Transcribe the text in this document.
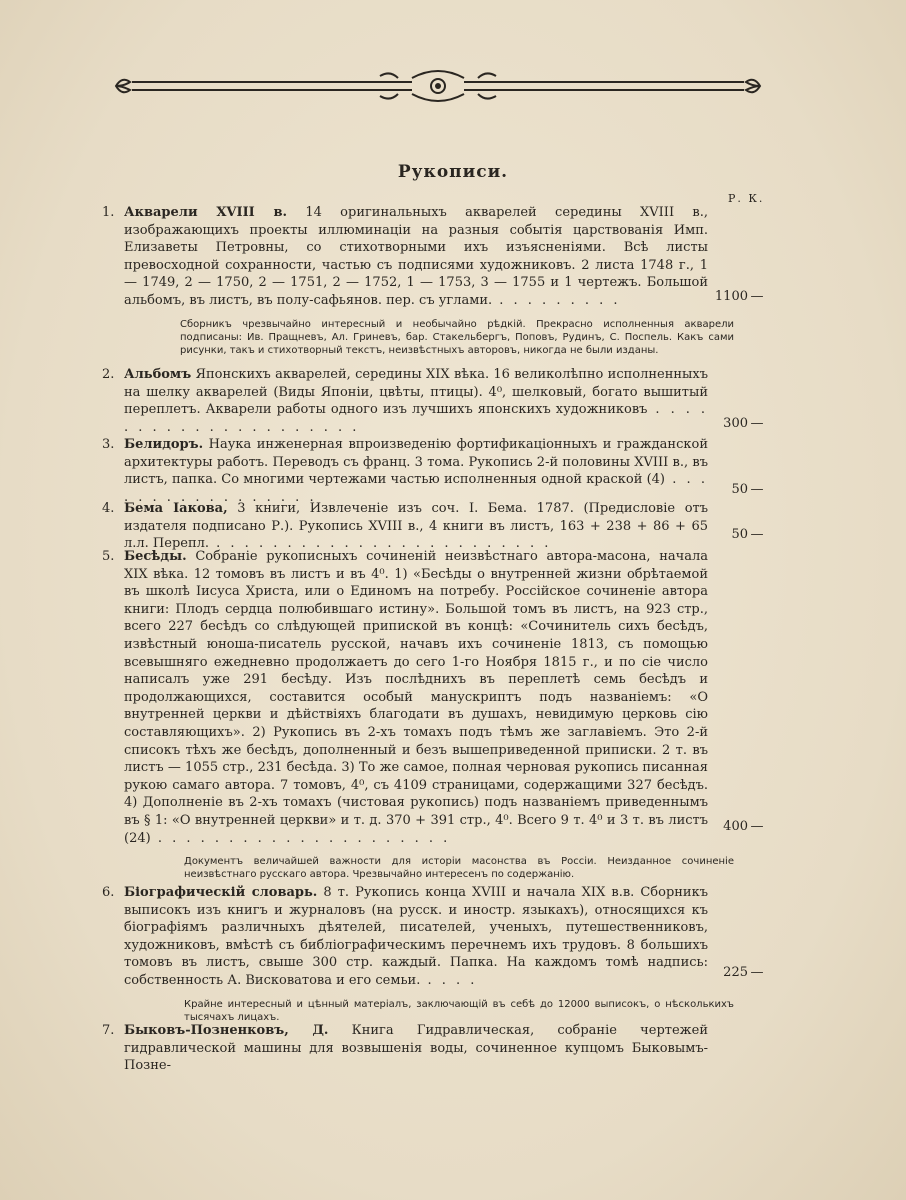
Рукописи.
Р. К.
1. Акварели XVIII в. 14 оригинальныхъ акварелей середины XVIII в., изображающихъ проекты иллюминаціи на разныя событія царствованія Имп. Елизаветы Петровны, со стихотворными ихъ изъясненіями. Всѣ листы превосходной сохранности, частью съ подписями художниковъ. 2 листа 1748 г., 1 — 1749, 2 — 1750, 2 — 1751, 2 — 1752, 1 — 1753, 3 — 1755 и 1 чертежъ. Большой альбомъ, въ листъ, въ полу-сафьянов. пер. съ углами. . . . . . . . . .

Сборникъ чрезвычайно интересный и необычайно рѣдкій. Прекрасно исполненныя акварели подписаны: Ив. Пращневъ, Ал. Гриневъ, бар. Стакельбергъ, Поповъ, Рудинъ, С. Поспель. Какъ сами рисунки, такъ и стихотворный текстъ, неизвѣстныхъ авторовъ, никогда не были изданы.
1100 —
2. Альбомъ Японскихъ акварелей, середины XIX вѣка. 16 великолѣпно исполненныхъ на шелку акварелей (Виды Японіи, цвѣты, птицы). 4⁰, шелковый, богато вышитый переплетъ. Акварели работы одного изъ лучшихъ японскихъ художниковъ . . . . . . . . . . . . . . . . . . . . .	300 —
3. Белидоръ. Наука инженерная впроизведенію фортификаціонныхъ и гражданской архитектуры работъ. Переводъ съ франц. 3 тома. Рукопись 2-й половины XVIII в., въ листъ, папка. Со многими чертежами частью исполненныя одной краской (4) . . . . . . . . . . . . . . . . .

50 —
4. Бема Іакова, 3 книги, Извлеченіе изъ соч. І. Бема. 1787. (Предисловіе отъ издателя подписано Р.). Рукопись XVIII в., 4 книги въ листъ, 163 + 238 + 86 + 65 л.л. Перепл. . . . . . . . . . . . . . . . . . . . . . . . .

50 —
5. Бесѣды. Собраніе рукописныхъ сочиненій неизвѣстнаго автора-масона, начала XIX вѣка. 12 томовъ въ листъ и въ 4⁰. 1) «Бесѣды о внутренней жизни обрѣтаемой въ школѣ Іисуса Христа, или о Единомъ на потребу. Россійское сочиненіе автора книги: Плодъ сердца полюбившагo истину». Большой томъ въ листъ, на 923 стр., всего 227 бесѣдъ со слѣдующей припиской въ концѣ: «Сочинитель сихъ бесѣдъ, извѣстный юноша-писатель русской, начавъ ихъ сочиненіе 1813, съ помощью всевышняго ежедневно продолжаетъ до сего 1-го Ноября 1815 г., и по сіе число написалъ уже 291 бесѣду. Изъ послѣднихъ въ переплетѣ семь бесѣдъ и продолжающихся, составится особый манускриптъ подъ названіемъ: «О внутренней церкви и дѣйствіяхъ благодати въ душахъ, невидимую церковь сію составляющихъ». 2) Рукопись въ 2-хъ томахъ подъ тѣмъ же заглавіемъ. Это 2-й списокъ тѣхъ же бесѣдъ, дополненный и безъ вышеприведенной приписки. 2 т. въ листъ — 1055 стр., 231 бесѣда. 3) То же самое, полная черновая рукопись писанная рукою самаго автора. 7 томовъ, 4⁰, съ 4109 страницами, содержащими 327 бесѣдъ. 4) Дополненіе въ 2-хъ томахъ (чистовая рукопись) подъ названіемъ приведеннымъ въ § 1: «О внутренней церкви» и т. д. 370 + 391 стр., 4⁰. Всего 9 т. 4⁰ и 3 т. въ листъ (24) . . . . . . . . . . . . . . . . . . . . .

Документъ величайшей важности для исторіи масонства въ Россіи. Неизданное сочиненіе неизвѣстнаго русскаго автора. Чрезвычайно интересенъ по содержанію.
400 —
6. Біографическій словарь. 8 т. Рукопись конца XVIII и начала XIX в.в. Сборникъ выписокъ изъ книгъ и журналовъ (на русск. и иностр. языкахъ), относящихся къ біографіямъ различныхъ дѣятелей, писателей, ученыхъ, путешественниковъ, художниковъ, вмѣстѣ съ библіографическимъ перечнемъ ихъ трудовъ. 8 большихъ томовъ въ листъ, свыше 300 стр. каждый. Папка. На каждомъ томѣ надпись: собственность А. Висковатова и его семьи. . . . .

Крайне интересный и цѣнный матеріалъ, заключающій въ себѣ до 12000 выписокъ, о нѣсколькихъ тысячахъ лицахъ.
225 —
7. Быковъ-Позненковъ, Д. Книга Гидравлическая, собраніе чертежей гидравлической машины для возвышенія воды, сочиненное купцомъ Быковымъ-Позне-
